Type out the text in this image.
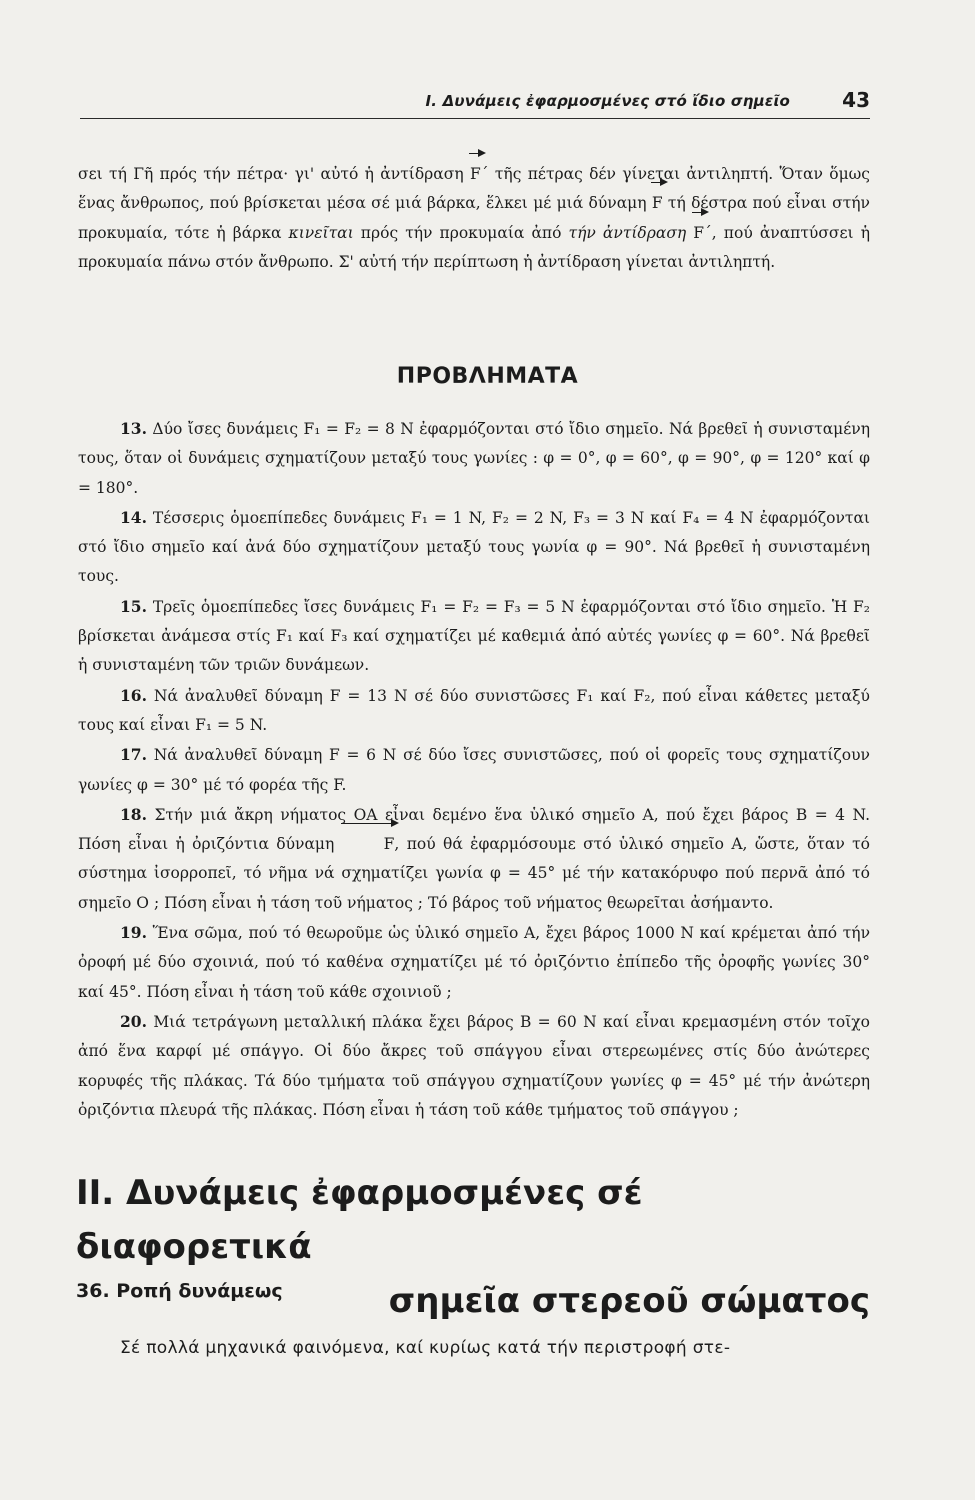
I. Δυνάμεις ἐφαρμοσμένες στό ἴδιο σημεῖο	43

σει τή Γῆ πρός τήν πέτρα· γι' αὐτό ἡ ἀντίδραση F΄ τῆς πέτρας δέν γίνεται ἀντιληπτή. Ὅταν ὅμως ἕνας ἄνθρωπος, πού βρίσκεται μέσα σέ μιά βάρκα, ἕλκει μέ μιά δύναμη F τή δέστρα πού εἶναι στήν προκυμαία, τότε ἡ βάρκα κινεῖται πρός τήν προκυμαία ἀπό τήν ἀντίδραση F΄, πού ἀναπτύσσει ἡ προκυμαία πάνω στόν ἄνθρωπο. Σ' αὐτή τήν περίπτωση ἡ ἀντίδραση γίνεται ἀντιληπτή.

ΠΡΟΒΛΗΜΑΤΑ

13. Δύο ἴσες δυνάμεις F₁ = F₂ = 8 N ἐφαρμόζονται στό ἴδιο σημεῖο. Νά βρεθεῖ ἡ συνισταμένη τους, ὅταν οἱ δυνάμεις σχηματίζουν μεταξύ τους γωνίες : φ = 0°, φ = 60°, φ = 90°, φ = 120° καί φ = 180°.

14. Τέσσερις ὁμοεπίπεδες δυνάμεις F₁ = 1 N, F₂ = 2 N, F₃ = 3 N καί F₄ = 4 N ἐφαρμόζονται στό ἴδιο σημεῖο καί ἀνά δύο σχηματίζουν μεταξύ τους γωνία φ = 90°. Νά βρεθεῖ ἡ συνισταμένη τους.

15. Τρεῖς ὁμοεπίπεδες ἴσες δυνάμεις F₁ = F₂ = F₃ = 5 N ἐφαρμόζονται στό ἴδιο σημεῖο. Ἡ F₂ βρίσκεται ἀνάμεσα στίς F₁ καί F₃ καί σχηματίζει μέ καθεμιά ἀπό αὐτές γωνίες φ = 60°. Νά βρεθεῖ ἡ συνισταμένη τῶν τριῶν δυνάμεων.

16. Νά ἀναλυθεῖ δύναμη F = 13 N σέ δύο συνιστῶσες F₁ καί F₂, πού εἶναι κάθετες μεταξύ τους καί εἶναι F₁ = 5 N.

17. Νά ἀναλυθεῖ δύναμη F = 6 N σέ δύο ἴσες συνιστῶσες, πού οἱ φορεῖς τους σχηματίζουν γωνίες φ = 30° μέ τό φορέα τῆς F.

18. Στήν μιά ἄκρη νήματος ΟΑ εἶναι δεμένο ἕνα ὑλικό σημεῖο Α, πού ἔχει βάρος Β = 4 N. Πόση εἶναι ἡ ὀριζόντια δύναμη	F, πού θά ἐφαρμόσουμε στό ὑλικό σημεῖο Α, ὥστε, ὅταν τό σύστημα ἰσορροπεῖ, τό νῆμα νά σχηματίζει γωνία φ = 45° μέ τήν κατακόρυφο πού περνᾶ ἀπό τό σημεῖο Ο ; Πόση εἶναι ἡ τάση τοῦ νήματος ; Τό βάρος τοῦ νήματος θεωρεῖται ἀσήμαντο.

19. Ἕνα σῶμα, πού τό θεωροῦμε ὡς ὑλικό σημεῖο Α, ἔχει βάρος 1000 N καί κρέμεται ἀπό τήν ὀροφή μέ δύο σχοινιά, πού τό καθένα σχηματίζει μέ τό ὀριζόντιο ἐπίπεδο τῆς ὀροφῆς γωνίες 30° καί 45°. Πόση εἶναι ἡ τάση τοῦ κάθε σχοινιοῦ ;

20. Μιά τετράγωνη μεταλλική πλάκα ἔχει βάρος Β = 60 N καί εἶναι κρεμασμένη στόν τοῖχο ἀπό ἕνα καρφί μέ σπάγγο. Οἱ δύο ἄκρες τοῦ σπάγγου εἶναι στερεωμένες στίς δύο ἀνώτερες κορυφές τῆς πλάκας. Τά δύο τμήματα τοῦ σπάγγου σχηματίζουν γωνίες φ = 45° μέ τήν ἀνώτερη ὀριζόντια πλευρά τῆς πλάκας. Πόση εἶναι ἡ τάση τοῦ κάθε τμήματος τοῦ σπάγγου ;

II. Δυνάμεις ἐφαρμοσμένες σέ διαφορετικά
σημεῖα στερεοῦ σώματος
36. Ροπή δυνάμεως
Σέ πολλά μηχανικά φαινόμενα, καί κυρίως κατά τήν περιστροφή στε-
